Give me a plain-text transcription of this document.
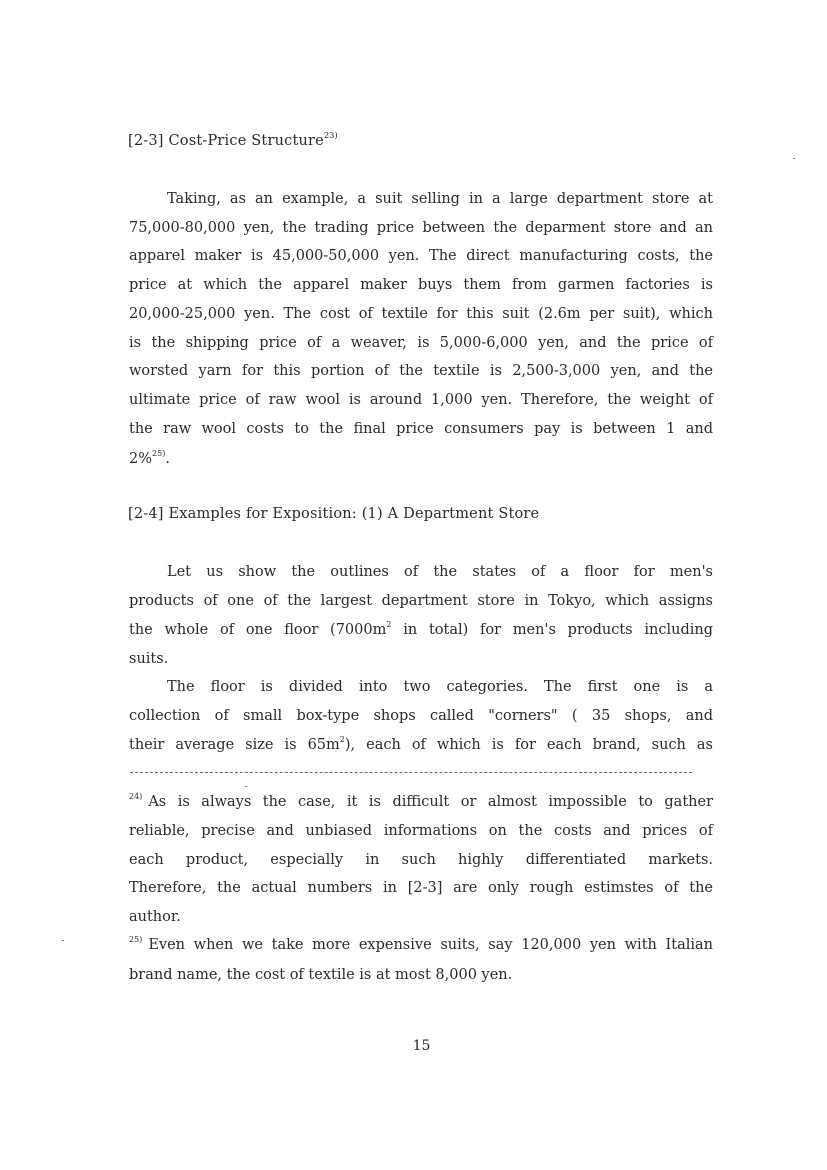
[2-3] Cost-Price Structure$^{23)}$
Taking, as an example, a suit selling in a large department store at
75,000-80,000 yen, the trading price between the deparment store and an
apparel maker is 45,000-50,000 yen. The direct manufacturing costs, the
price at which the apparel maker buys them from garmen factories is
20,000-25,000 yen. The cost of textile for this suit (2.6m per suit), which
is the shipping price of a weaver, is 5,000-6,000 yen, and the price of
worsted yarn for this portion of the textile is 2,500-3,000 yen, and the
ultimate price of raw wool is around 1,000 yen. Therefore, the weight of
the raw wool costs to the final price consumers pay is between 1 and
2%$^{25)}$.
[2-4] Examples for Exposition: (1) A Department Store
Let us show the outlines of the states of a floor for men's
products of one of the largest department store in Tokyo, which assigns
the whole of one floor ($7000m^2$ in total) for men's products including
suits.
The floor is divided into two categories. The first one is a
collection of small box-type shops called "corners" ( 35 shops, and
their average size is $65m^2$), each of which is for each brand, such as
$^{24)}$ As is always the case, it is difficult or almost impossible to gather
reliable, precise and unbiased informations on the costs and prices of
each product, especially in such highly differentiated markets.
Therefore, the actual numbers in [2-3] are only rough estimstes of the
author.
$^{25)}$ Even when we take more expensive suits, say 120,000 yen with Italian
brand name, the cost of textile is at most 8,000 yen.
15
